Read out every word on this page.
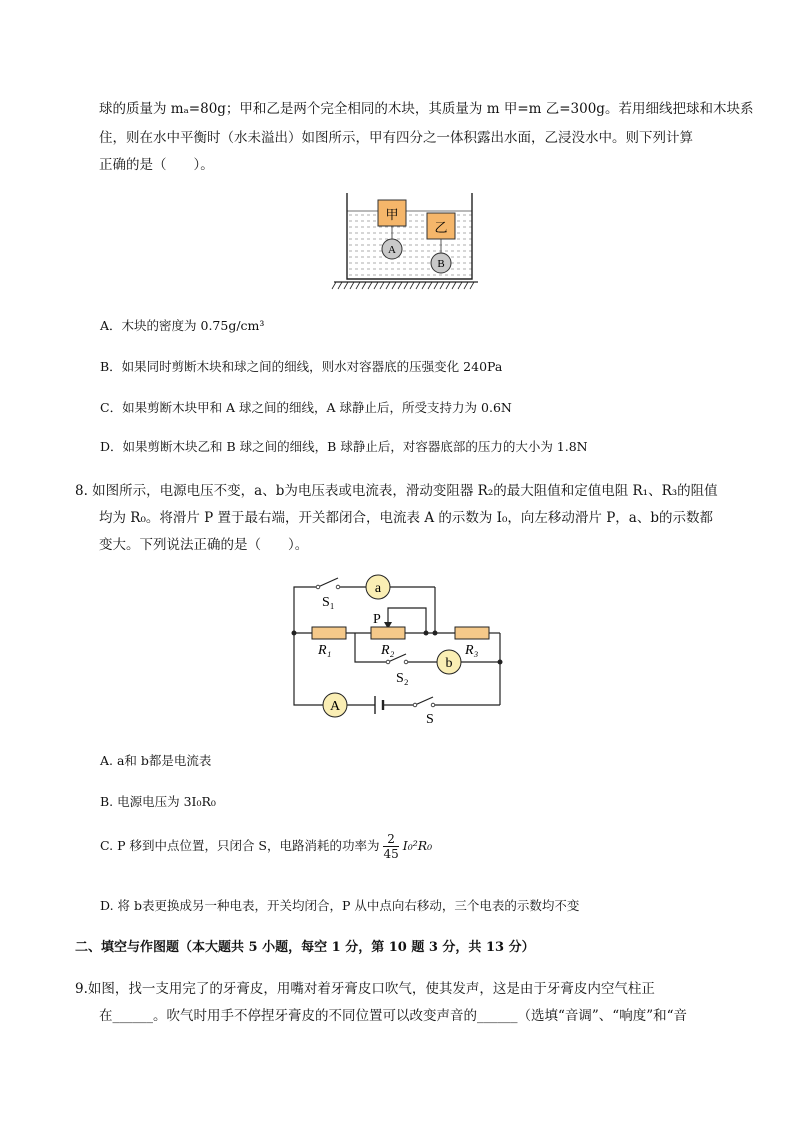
球的质量为 mₐ=80g；甲和乙是两个完全相同的木块，其质量为 m 甲=m 乙=300g。若用细线把球和木块系
住，则在水中平衡时（水未溢出）如图所示，甲有四分之一体积露出水面，乙浸没水中。则下列计算
正确的是（　　）。
甲
A
乙
B
A．木块的密度为 0.75g/cm³
B．如果同时剪断木块和球之间的细线，则水对容器底的压强变化 240Pa
C．如果剪断木块甲和 A 球之间的细线，A 球静止后，所受支持力为 0.6N
D．如果剪断木块乙和 B 球之间的细线，B 球静止后，对容器底部的压力的大小为 1.8N
8. 如图所示，电源电压不变，a、b为电压表或电流表，滑动变阻器 R₂的最大阻值和定值电阻 R₁、R₃的阻值
均为 R₀。将滑片 P 置于最右端，开关都闭合，电流表 A 的示数为 I₀，向左移动滑片 P，a、b的示数都
变大。下列说法正确的是（　　）。
a
b
A
S₁
P
R₁	R₂	R₃
S₂
S
A. a和 b都是电流表
B. 电源电压为 3I₀R₀
C. P 移到中点位置，只闭合 S，电路消耗的功率为 $\frac{2}{45} I_0^2R_0$
D. 将 b表更换成另一种电表，开关均闭合，P 从中点向右移动，三个电表的示数均不变
二、填空与作图题（本大题共 5 小题，每空 1 分，第 10 题 3 分，共 13 分）
9.如图，找一支用完了的牙膏皮，用嘴对着牙膏皮口吹气，使其发声，这是由于牙膏皮内空气柱正
在______。吹气时用手不停捏牙膏皮的不同位置可以改变声音的______（选填“音调”、“响度”和“音
